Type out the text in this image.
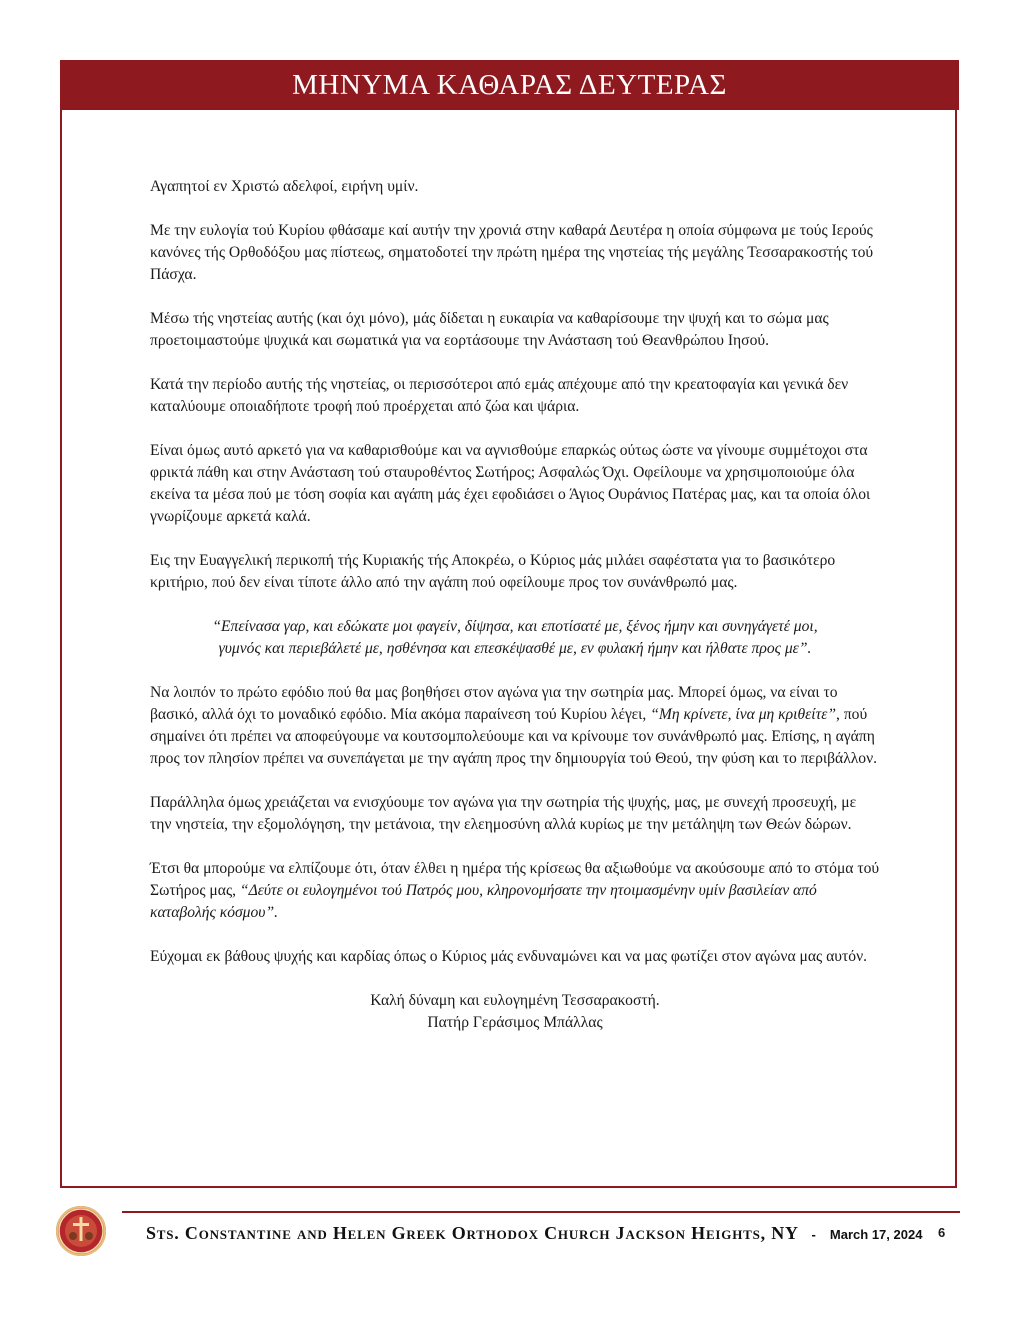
ΜΗΝΥΜΑ ΚΑΘΑΡΑΣ ΔΕΥΤΕΡΑΣ

Αγαπητοί εν Χριστώ αδελφοί, ειρήνη υμίν.

Με την ευλογία τού Κυρίου φθάσαμε καί αυτήν την χρονιά στην καθαρά Δευτέρα η οποία σύμφωνα με τούς Ιερούς κανόνες τής Ορθοδόξου μας πίστεως, σηματοδοτεί την πρώτη ημέρα της νηστείας τής μεγάλης Τεσσαρακοστής τού Πάσχα.

Μέσω τής νηστείας αυτής (και όχι μόνο), μάς δίδεται η ευκαιρία να καθαρίσουμε την ψυχή και το σώμα μας προετοιμαστούμε ψυχικά και σωματικά για να εορτάσουμε την Ανάσταση τού Θεανθρώπου Ιησού.

Κατά την περίοδο αυτής τής νηστείας, οι περισσότεροι από εμάς απέχουμε από την κρεατοφαγία και γενικά δεν καταλύουμε οποιαδήποτε τροφή πού προέρχεται από ζώα και ψάρια.

Είναι όμως αυτό αρκετό για να καθαρισθούμε και να αγνισθούμε επαρκώς ούτως ώστε να γίνουμε συμμέτοχοι στα φρικτά πάθη και στην Ανάσταση τού σταυροθέντος Σωτήρος; Ασφαλώς Όχι. Οφείλουμε να χρησιμοποιούμε όλα εκείνα τα μέσα πού με τόση σοφία και αγάπη μάς έχει εφοδιάσει ο Άγιος Ουράνιος Πατέρας μας, και τα οποία όλοι γνωρίζουμε αρκετά καλά.

Εις την Ευαγγελική περικοπή τής Κυριακής τής Αποκρέω, ο Κύριος μάς μιλάει σαφέστατα για το βασικότερο κριτήριο, πού δεν είναι τίποτε άλλο από την αγάπη πού οφείλουμε προς τον συνάνθρωπό μας.

“Επείνασα γαρ, και εδώκατε μοι φαγείν, δίψησα, και εποτίσατέ με, ξένος ήμην και συνηγάγετέ μοι,
γυμνός και περιεβάλετέ με, ησθένησα και επεσκέψασθέ με, εν φυλακή ήμην και ήλθατε προς με”.

Να λοιπόν το πρώτο εφόδιο πού θα μας βοηθήσει στον αγώνα για την σωτηρία μας. Μπορεί όμως, να είναι το βασικό, αλλά όχι το μοναδικό εφόδιο. Μία ακόμα παραίνεση τού Κυρίου λέγει, “Μη κρίνετε, ίνα μη κριθείτε”, πού σημαίνει ότι πρέπει να αποφεύγουμε να κουτσομπολεύουμε και να κρίνουμε τον συνάνθρωπό μας. Επίσης, η αγάπη προς τον πλησίον πρέπει να συνεπάγεται με την αγάπη προς την δημιουργία τού Θεού, την φύση και το περιβάλλον.

Παράλληλα όμως χρειάζεται να ενισχύουμε τον αγώνα για την σωτηρία τής ψυχής, μας, με συνεχή προσευχή, με την νηστεία, την εξομολόγηση, την μετάνοια, την ελεημοσύνη αλλά κυρίως με την μετάληψη των Θεών δώρων.

Έτσι θα μπορούμε να ελπίζουμε ότι, όταν έλθει η ημέρα τής κρίσεως θα αξιωθούμε να ακούσουμε από το στόμα τού Σωτήρος μας, “Δεύτε οι ευλογημένοι τού Πατρός μου, κληρονομήσατε την ητοιμασμένην υμίν βασιλείαν από καταβολής κόσμου”.

Εύχομαι εκ βάθους ψυχής και καρδίας όπως ο Κύριος μάς ενδυναμώνει και να μας φωτίζει στον αγώνα μας αυτόν.

Καλή δύναμη και ευλογημένη Τεσσαρακοστή.
Πατήρ Γεράσιμος Μπάλλας
Sts. Constantine and Helen Greek Orthodox Church Jackson Heights, NY - March 17, 2024 6
